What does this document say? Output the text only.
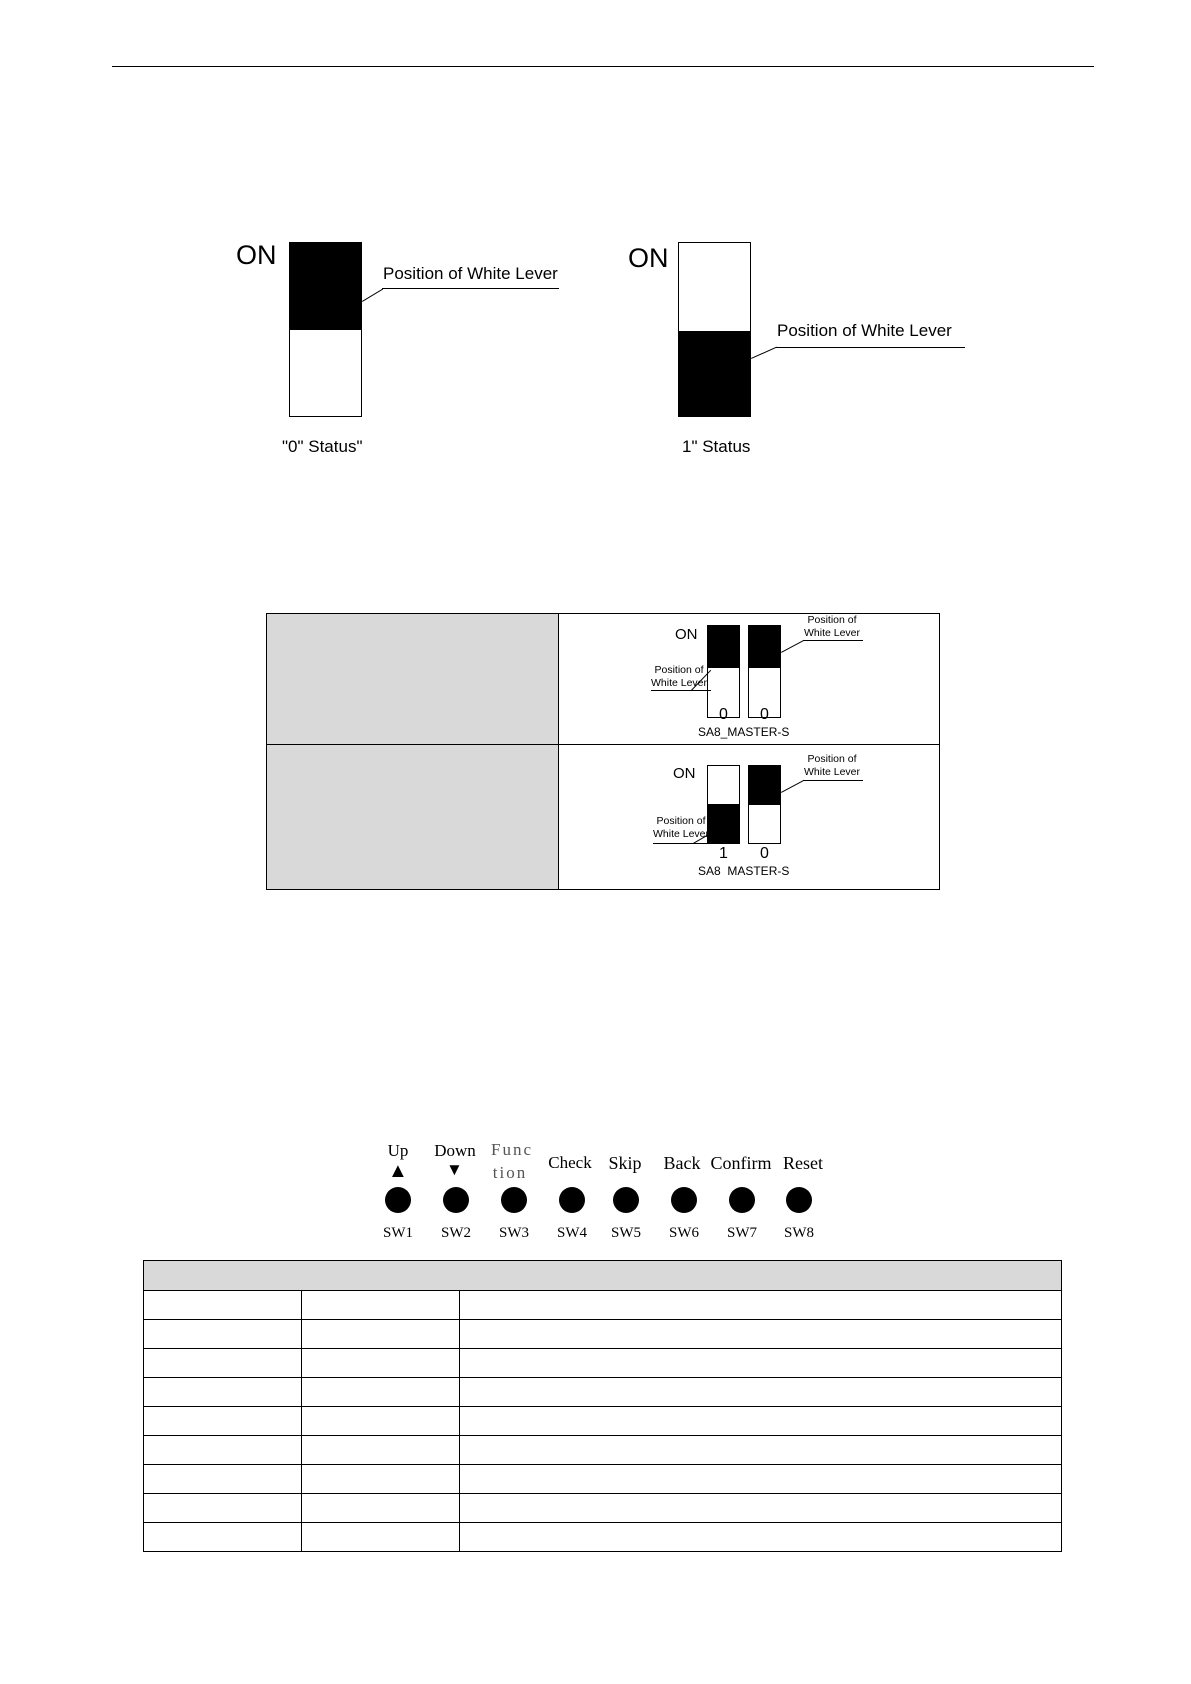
ON
Position of White Lever
"0" Status"
ON
Position of White Lever
1" Status
ON
Position of
White Lever
Position of
White Lever
0 0
SA8_MASTER-S
ON
Position of
White Lever
Position of
White Lever
1 0
SA8  MASTER-S
Up
▲
SW1
Down
▼
SW2
Func
tion
SW3
Check
SW4
Skip
SW5
Back
SW6
Confirm
SW7
Reset
SW8
